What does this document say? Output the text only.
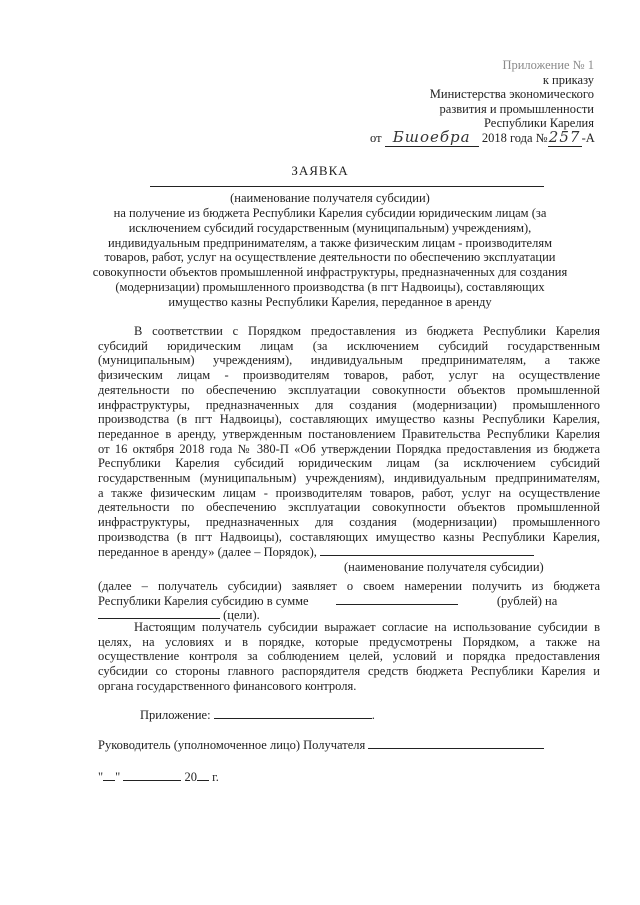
Приложение № 1
к приказу
Министерства экономического
развития и промышленности
Республики Карелия
от Бшоебра 2018 года №257-А
ЗАЯВКА
(наименование получателя субсидии)
на получение из бюджета Республики Карелия субсидии юридическим лицам (за
исключением субсидий государственным (муниципальным) учреждениям),
индивидуальным предпринимателям, а также физическим лицам - производителям
товаров, работ, услуг на осуществление деятельности по обеспечению эксплуатации
совокупности объектов промышленной инфраструктуры, предназначенных для создания
(модернизации) промышленного производства (в пгт Надвоицы), составляющих
имущество казны Республики Карелия, переданное в аренду
В соответствии с Порядком предоставления из бюджета Республики Карелия
субсидий юридическим лицам (за исключением субсидий государственным
(муниципальным) учреждениям), индивидуальным предпринимателям, а также
физическим лицам - производителям товаров, работ, услуг на осуществление
деятельности по обеспечению эксплуатации совокупности объектов промышленной
инфраструктуры, предназначенных для создания (модернизации) промышленного
производства (в пгт Надвоицы), составляющих имущество казны Республики Карелия,
переданное в аренду, утвержденным постановлением Правительства Республики Карелия
от 16 октября 2018 года № 380-П «Об утверждении Порядка предоставления из бюджета
Республики Карелия субсидий юридическим лицам (за исключением субсидий
государственным (муниципальным) учреждениям), индивидуальным предпринимателям,
а также физическим лицам - производителям товаров, работ, услуг на осуществление
деятельности по обеспечению эксплуатации совокупности объектов промышленной
инфраструктуры, предназначенных для создания (модернизации) промышленного
производства (в пгт Надвоицы), составляющих имущество казны Республики Карелия,
переданное в аренду» (далее – Порядок),
(наименование получателя субсидии)
(далее – получатель субсидии) заявляет о своем намерении получить из бюджета
Республики Карелия субсидию в сумме	(рублей) на
(цели).
Настоящим получатель субсидии выражает согласие на использование субсидии в
целях, на условиях и в порядке, которые предусмотрены Порядком, а также на
осуществление контроля за соблюдением целей, условий и порядка предоставления
субсидии со стороны главного распорядителя средств бюджета Республики Карелия и
органа государственного финансового контроля.
Приложение:	.
Руководитель (уполномоченное лицо) Получателя
" "	20 г.
